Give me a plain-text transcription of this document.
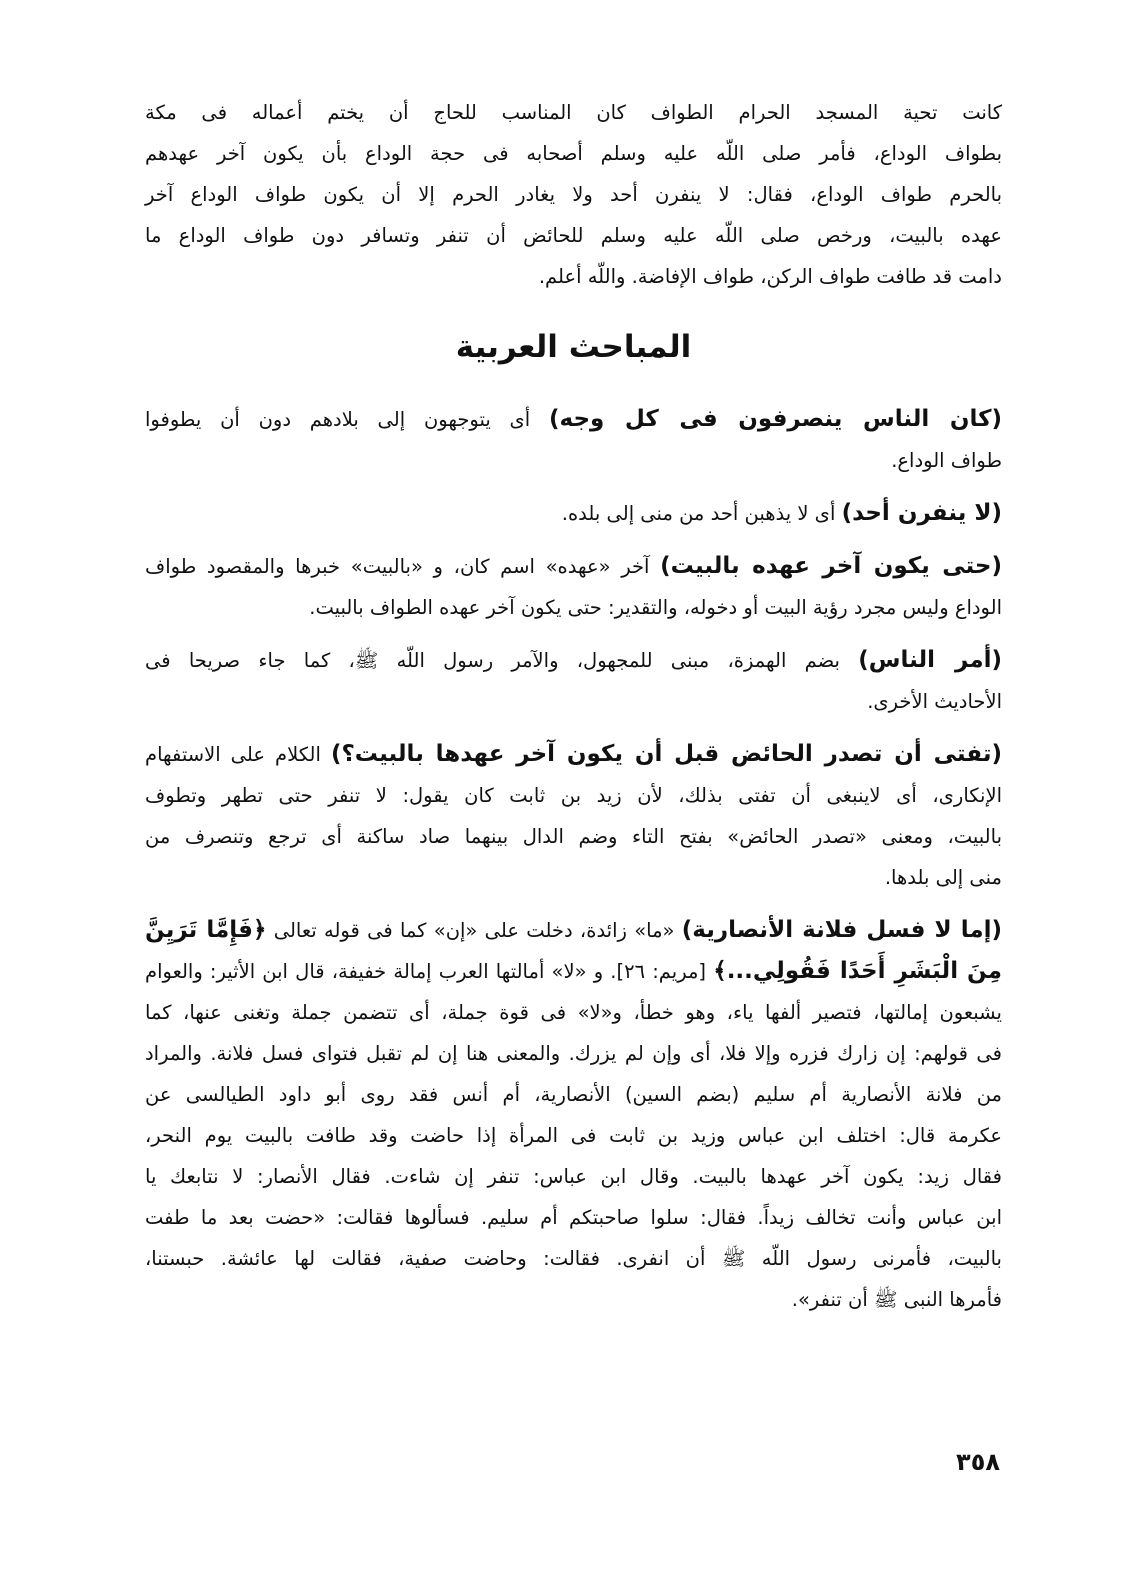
كانت تحية المسجد الحرام الطواف كان المناسب للحاج أن يختم أعماله فى مكة
بطواف الوداع، فأمر صلى اللّه عليه وسلم أصحابه فى حجة الوداع بأن يكون آخر عهدهم
بالحرم طواف الوداع، فقال: لا ينفرن أحد ولا يغادر الحرم إلا أن يكون طواف الوداع آخر
عهده بالبيت، ورخص صلى اللّه عليه وسلم للحائض أن تنفر وتسافر دون طواف الوداع ما
دامت قد طافت طواف الركن، طواف الإفاضة. واللّه أعلم.
المباحث العربية
(كان الناس ينصرفون فى كل وجه) أى يتوجهون إلى بلادهم دون أن يطوفوا
طواف الوداع.
(لا ينفرن أحد) أى لا يذهبن أحد من منى إلى بلده.
(حتى يكون آخر عهده بالبيت) آخر «عهده» اسم كان، و «بالبيت» خبرها والمقصود طواف
الوداع وليس مجرد رؤية البيت أو دخوله، والتقدير: حتى يكون آخر عهده الطواف بالبيت.
(أمر الناس) بضم الهمزة، مبنى للمجهول، والآمر رسول اللّه ﷺ، كما جاء صريحا فى
الأحاديث الأخرى.
(تفتى أن تصدر الحائض قبل أن يكون آخر عهدها بالبيت؟) الكلام على الاستفهام
الإنكارى، أى لاينبغى أن تفتى بذلك، لأن زيد بن ثابت كان يقول: لا تنفر حتى تطهر وتطوف
بالبيت، ومعنى «تصدر الحائض» بفتح التاء وضم الدال بينهما صاد ساكنة أى ترجع وتنصرف من
منى إلى بلدها.
(إما لا فسل فلانة الأنصارية) «ما» زائدة، دخلت على «إن» كما فى قوله تعالى ﴿فَإِمَّا تَرَيِنَّ
مِنَ الْبَشَرِ أَحَدًا فَقُولِي...﴾ [مريم: ٢٦]. و «لا» أمالتها العرب إمالة خفيفة، قال ابن الأثير: والعوام
يشبعون إمالتها، فتصير ألفها ياء، وهو خطأ، و«لا» فى قوة جملة، أى تتضمن جملة وتغنى عنها، كما
فى قولهم: إن زارك فزره وإلا فلا، أى وإن لم يزرك. والمعنى هنا إن لم تقبل فتواى فسل فلانة. والمراد
من فلانة الأنصارية أم سليم (بضم السين) الأنصارية، أم أنس فقد روى أبو داود الطيالسى عن
عكرمة قال: اختلف ابن عباس وزيد بن ثابت فى المرأة إذا حاضت وقد طافت بالبيت يوم النحر،
فقال زيد: يكون آخر عهدها بالبيت. وقال ابن عباس: تنفر إن شاءت. فقال الأنصار: لا نتابعك يا
ابن عباس وأنت تخالف زيداً. فقال: سلوا صاحبتكم أم سليم. فسألوها فقالت: «حضت بعد ما طفت
بالبيت، فأمرنى رسول اللّه ﷺ أن انفرى. فقالت: وحاضت صفية، فقالت لها عائشة. حبستنا،
فأمرها النبى ﷺ أن تنفر».
٣٥٨
